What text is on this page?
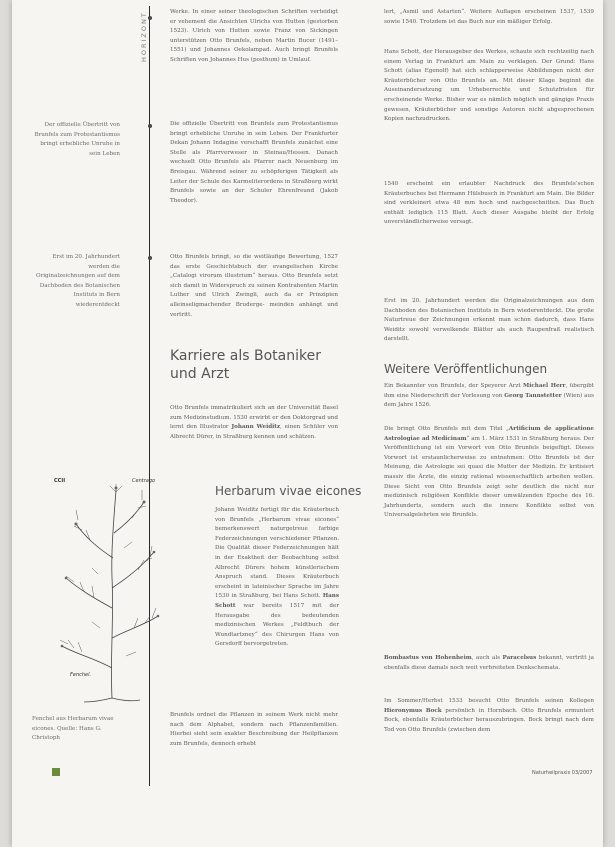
HORIZONT
Der offizielle Übertritt von Brunfels zum Protestantismus bringt erhebliche Unruhe in sein Leben
Erst im 20. Jahrhundert werden die Originalzeichnungen auf dem Dachboden des Botanischen Instituts in Bern wiederentdeckt
Werke. In einer seiner theologischen Schriften verteidigt er vehement die Ansichten Ulrichs von Hutten (gestorben 1523). Ulrich von Hutten sowie Franz von Sickingen unterstützen Otto Brunfels, neben Martin Bucer (1491–1551) und Johannes Oekolampad. Auch bringt Brunfels Schriften von Johannes Hus (posthum) in Umlauf.
Die offizielle Übertritt von Brunfels zum Protestantismus bringt erhebliche Unruhe in sein Leben. Der Frankfurter Dekan Johann Indagine verschafft Brunfels zunächst eine Stelle als Pfarrverweser in Steinau/Hessen. Danach wechselt Otto Brunfels als Pfarrer nach Neuenburg im Breisgau. Während seiner zu schöpferigen Tätigkeit als Leiter der Schule des Karmeliterordens in Straßburg wirkt Brunfels sowie an der Schuler Ehrenfreund (Jakob Theodor).
Otto Brunfels bringt, so die weitläufige Bewertung, 1527 das erste Geschichtsbuch der evangelischen Kirche „Catalogi virorum illustrium“ heraus. Otto Brunfels setzt sich damit in Widerspruch zu seinen Kontrahenten Martin Luther und Ulrich Zwingli, auch da er Prinzipien alleinseligmachender Bruderge- meinden anhängt und vertritt.
Karriere als Botaniker und Arzt
Otto Brunfels immatrikuliert sich an der Universität Basel zum Medizinstudium. 1530 erwirbt er den Doktorgrad und lernt den Illustrator Johann Weiditz, einen Schüler von Albrecht Dürer, in Straßburg kennen und schätzen.
CCII	Centrago
Fenchel.
Fenchel aus Herbarum vivae eicones. Quelle: Hans G. Christoph
Herbarum vivae eicones
Johann Weiditz fertigt für die Kräuterbuch von Brunfels „Herbarum vivae eicones“ bemerkenswert naturgetreue farbige Federzeichnungen verschiedener Pflanzen. Die Qualität dieser Federzeichnungen hält in der Exaktheit der Beobachtung selbst Albrecht Dürers hohem künstlerischem Anspruch stand. Dieses Kräuterbuch erscheint in lateinischer Sprache im Jahre 1530 in Straßburg, bei Hans Schott. Hans Schott war bereits 1517 mit der Herausgabe des bedeutenden medizinischen Werkes „Feldtbuch der Wundtartzney“ des Chirurgen Hans von Gersdorff hervorgetreten.
Brunfels ordnet die Pflanzen in seinem Werk nicht mehr nach dem Alphabet, sondern nach Pflanzenfamilien. Hierbei sieht sein exakter Beschreibung der Heilpflanzen zum Brunfels, dennoch erhebt
lert, „Asmil und Astarten“. Weitere Auflagen erscheinen 1537, 1539 sowie 1540. Trotzdem ist das Buch nur ein mäßiger Erfolg.
Hans Schott, der Herausgeber des Werkes, schaute sich rechtzeitig nach einem Verlag in Frankfurt am Main zu verklagen. Der Grund: Hans Schott (alias Egenolf) hat sich schlapperweise Abbildungen nicht der Kräuterbücher von Otto Brunfels an. Mit dieser Klage beginnt die Auseinandersetzung um Urheberrechte und Schutzfristen für erscheinende Werke. Bisher war es nämlich möglich und gängige Praxis gewesen, Kräuterbücher und sonstige Autoren nicht abgesprochenen Kopien nachzudrucken.
1540 erscheint ein erlaubter Nachdruck des Brunfels’schen Kräuterbuches bei Hermann Hülsbusch in Frankfurt am Main. Die Bilder sind verkleinert etwa 48 mm hoch und nachgeschnitten. Das Buch enthält lediglich 115 Blatt. Auch dieser Ausgabe bleibt der Erfolg unverständlicherweise versagt.
Erst im 20. Jahrhundert werden die Originalzeichnungen aus dem Dachboden des Botanischen Instituts in Bern wiederentdeckt. Die große Naturtreue der Zeichnungen erkennt man schon dadurch, dass Hans Weiditz sowohl verwelkende Blätter als auch Raupenfraß realistisch darstellt.
Weitere Veröffentlichungen
Ein Bekannter von Brunfels, der Speyerer Arzt Michael Herr, übergibt ihm eine Niederschrift der Vorlesung von Georg Tannstetter (Wien) aus dem Jahre 1526.
Die bringt Otto Brunfels mit dem Titel „Artificium de applicatione Astrologiae ad Medicinam“ am 1. März 1531 in Straßburg heraus. Der Veröffentlichung ist ein Vorwort von Otto Brunfels beigefügt. Dieses Vorwort ist erstaunlicherweise zu entnehmen: Otto Brunfels ist der Meinung, die Astrologie sei quasi die Mutter der Medizin. Er kritisiert massiv die Ärzte, die einzig rational wissenschaftlich arbeiten wollen. Diese Sicht von Otto Brunfels zeigt sehr deutlich die nicht nur medizinisch religiösen Konflikte dieser umwälzenden Epoche des 16. Jahrhunderts, sondern auch die innere Konflikte selbst von Universalgelehrten wie Brunfels.
Bombastus von Hohenheim, auch als Paracelsus bekannt, vertritt ja ebenfalls diese damals noch weit verbreiteten Denkschemata.
Im Sommer/Herbst 1533 besucht Otto Brunfels seinen Kollegen Hieronymus Bock persönlich in Hornbach. Otto Brunfels ermuntert Bock, ebenfalls Kräuterbücher herauszubringen. Bock bringt nach dem Tod von Otto Brunfels (zwischen dem
Naturheilpraxis 03/2007
